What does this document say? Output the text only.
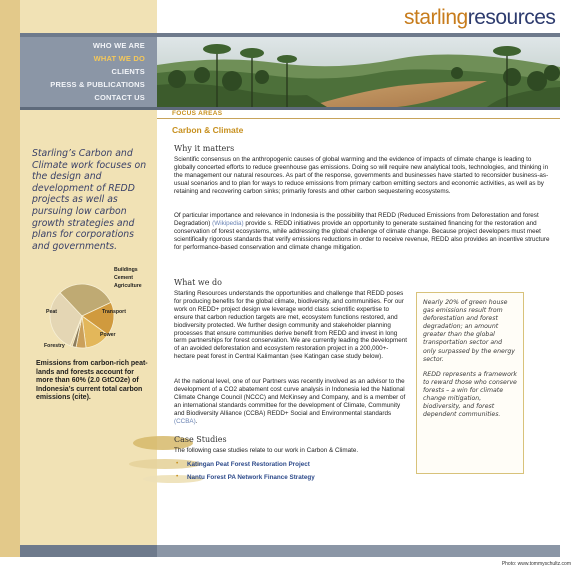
starlingresources
WHO WE ARE
WHAT WE DO
CLIENTS
PRESS & PUBLICATIONS
CONTACT US
FOCUS AREAS
Carbon & Climate
Starling’s Carbon and Climate work focuses on the design and development of REDD projects as well as pursuing low carbon growth strategies and plans for corporations and governments.
Peat
Forestry
Power
Transport
Agriculture
Cement
Buildings
Emissions from carbon-rich peat-lands and forests account for more than 60% (2.0 GtCO2e) of Indonesia’s current total carbon emissions (cite).
Why it matters
Scientific consensus on the anthropogenic causes of global warming and the evidence of impacts of climate change is leading to globally concerted efforts to reduce greenhouse gas emissions. Doing so will require new analytical tools, technologies, and thinking in the management our natural resources. As part of the response, governments and businesses have started to reconsider business-as-usual scenarios and to plan for ways to reduce emissions from primary carbon emitting sectors and economic activities, as well as by retaining and recovering carbon sinks; primarily forests and other carbon sequestering ecosystems.
Of particular importance and relevance in Indonesia is the possibility that REDD (Reduced Emissions from Deforestation and forest Degradation) (Wikipedia) provide s. REDD initiatives provide an opportunity to generate sustained financing for the restoration and conservation of forest ecosystems, while addressing the global challenge of climate change. Because project developers must meet scientifically rigorous standards that verify emissions reductions in order to receive revenue, REDD also provides an incentive structure for performance-based conservation and climate change mitigation.
What we do
Starling Resources understands the opportunities and challenge that REDD poses for producing benefits for the global climate, biodiversity, and communities. For our work on REDD+ project design we leverage world class scientific expertise to ensure that carbon reduction targets are met, ecosystem functions restored, and biodiversity protected. We further design community and stakeholder planning processes that ensure communities derive benefit from REDD and invest in long term partnerships for forest conservation. We are currently leading the development of an avoided deforestation and ecosystem restoration project in a 200,000+-hectare peat forest in Central Kalimantan (see Katingan case study below).
At the national level, one of our Partners was recently involved as an advisor to the development of a CO2 abatement cost curve analysis in Indonesia led the National Climate Change Council (NCCC) and McKinsey and Company, and is a member of an international standards committee for the development of Climate, Community and Biodiversity Alliance (CCBA) REDD+ Social and Environmental standards (CCBA).
Case Studies
The following case studies relate to our work in Carbon & Climate.
• Katingan Peat Forest Restoration Project
• Nantu Forest PA Network Finance Strategy

Nearly 20% of green house gas emissions result from deforestation and forest degradation; an amount greater than the global transportation sector and only surpassed by the energy sector.

REDD represents a framework to reward those who conserve forests – a win for climate change mitigation, biodiversity, and forest dependent communities.

Photo: www.tommyschultz.com
